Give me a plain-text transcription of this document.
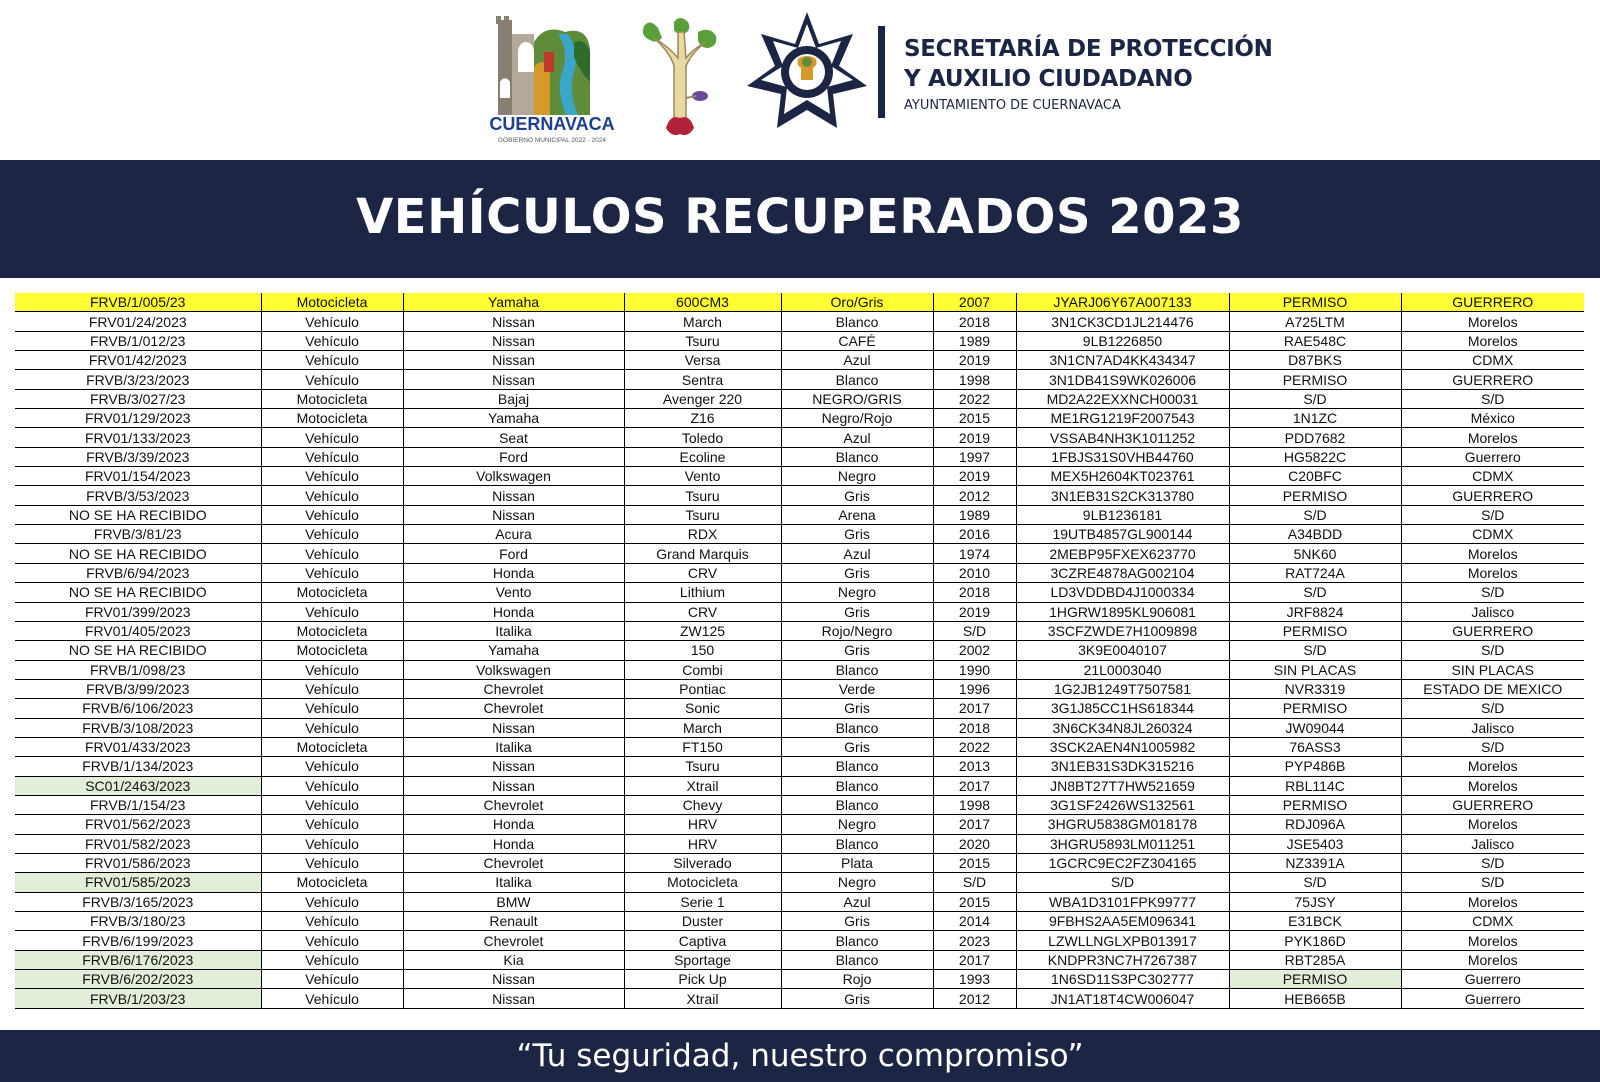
CUERNAVACA
GOBIERNO MUNICIPAL 2022 - 2024
SECRETARÍA DE PROTECCIÓN
Y AUXILIO CIUDADANO
AYUNTAMIENTO DE CUERNAVACA
VEHÍCULOS RECUPERADOS 2023
FRVB/1/005/23	Motocicleta	Yamaha	600CM3	Oro/Gris	2007	JYARJ06Y67A007133	PERMISO	GUERRERO
FRV01/24/2023	Vehículo	Nissan	March	Blanco	2018	3N1CK3CD1JL214476	A725LTM	Morelos
FRVB/1/012/23	Vehículo	Nissan	Tsuru	CAFÉ	1989	9LB1226850	RAE548C	Morelos
FRV01/42/2023	Vehículo	Nissan	Versa	Azul	2019	3N1CN7AD4KK434347	D87BKS	CDMX
FRVB/3/23/2023	Vehículo	Nissan	Sentra	Blanco	1998	3N1DB41S9WK026006	PERMISO	GUERRERO
FRVB/3/027/23	Motocicleta	Bajaj	Avenger 220	NEGRO/GRIS	2022	MD2A22EXXNCH00031	S/D	S/D
FRV01/129/2023	Motocicleta	Yamaha	Z16	Negro/Rojo	2015	ME1RG1219F2007543	1N1ZC	México
FRV01/133/2023	Vehículo	Seat	Toledo	Azul	2019	VSSAB4NH3K1011252	PDD7682	Morelos
FRVB/3/39/2023	Vehículo	Ford	Ecoline	Blanco	1997	1FBJS31S0VHB44760	HG5822C	Guerrero
FRV01/154/2023	Vehículo	Volkswagen	Vento	Negro	2019	MEX5H2604KT023761	C20BFC	CDMX
FRVB/3/53/2023	Vehículo	Nissan	Tsuru	Gris	2012	3N1EB31S2CK313780	PERMISO	GUERRERO
NO SE HA RECIBIDO	Vehículo	Nissan	Tsuru	Arena	1989	9LB1236181	S/D	S/D
FRVB/3/81/23	Vehículo	Acura	RDX	Gris	2016	19UTB4857GL900144	A34BDD	CDMX
NO SE HA RECIBIDO	Vehículo	Ford	Grand Marquis	Azul	1974	2MEBP95FXEX623770	5NK60	Morelos
FRVB/6/94/2023	Vehículo	Honda	CRV	Gris	2010	3CZRE4878AG002104	RAT724A	Morelos
NO SE HA RECIBIDO	Motocicleta	Vento	Lithium	Negro	2018	LD3VDDBD4J1000334	S/D	S/D
FRV01/399/2023	Vehículo	Honda	CRV	Gris	2019	1HGRW1895KL906081	JRF8824	Jalisco
FRV01/405/2023	Motocicleta	Italika	ZW125	Rojo/Negro	S/D	3SCFZWDE7H1009898	PERMISO	GUERRERO
NO SE HA RECIBIDO	Motocicleta	Yamaha	150	Gris	2002	3K9E0040107	S/D	S/D
FRVB/1/098/23	Vehículo	Volkswagen	Combi	Blanco	1990	21L0003040	SIN PLACAS	SIN PLACAS
FRVB/3/99/2023	Vehículo	Chevrolet	Pontiac	Verde	1996	1G2JB1249T7507581	NVR3319	ESTADO DE MEXICO
FRVB/6/106/2023	Vehículo	Chevrolet	Sonic	Gris	2017	3G1J85CC1HS618344	PERMISO	S/D
FRVB/3/108/2023	Vehículo	Nissan	March	Blanco	2018	3N6CK34N8JL260324	JW09044	Jalisco
FRV01/433/2023	Motocicleta	Italika	FT150	Gris	2022	3SCK2AEN4N1005982	76ASS3	S/D
FRVB/1/134/2023	Vehículo	Nissan	Tsuru	Blanco	2013	3N1EB31S3DK315216	PYP486B	Morelos
SC01/2463/2023	Vehículo	Nissan	Xtrail	Blanco	2017	JN8BT27T7HW521659	RBL114C	Morelos
FRVB/1/154/23	Vehículo	Chevrolet	Chevy	Blanco	1998	3G1SF2426WS132561	PERMISO	GUERRERO
FRV01/562/2023	Vehículo	Honda	HRV	Negro	2017	3HGRU5838GM018178	RDJ096A	Morelos
FRV01/582/2023	Vehículo	Honda	HRV	Blanco	2020	3HGRU5893LM011251	JSE5403	Jalisco
FRV01/586/2023	Vehículo	Chevrolet	Silverado	Plata	2015	1GCRC9EC2FZ304165	NZ3391A	S/D
FRV01/585/2023	Motocicleta	Italika	Motocicleta	Negro	S/D	S/D	S/D	S/D
FRVB/3/165/2023	Vehículo	BMW	Serie 1	Azul	2015	WBA1D3101FPK99777	75JSY	Morelos
FRVB/3/180/23	Vehículo	Renault	Duster	Gris	2014	9FBHS2AA5EM096341	E31BCK	CDMX
FRVB/6/199/2023	Vehículo	Chevrolet	Captiva	Blanco	2023	LZWLLNGLXPB013917	PYK186D	Morelos
FRVB/6/176/2023	Vehículo	Kia	Sportage	Blanco	2017	KNDPR3NC7H7267387	RBT285A	Morelos
FRVB/6/202/2023	Vehículo	Nissan	Pick Up	Rojo	1993	1N6SD11S3PC302777	PERMISO	Guerrero
FRVB/1/203/23	Vehículo	Nissan	Xtrail	Gris	2012	JN1AT18T4CW006047	HEB665B	Guerrero

“Tu seguridad, nuestro compromiso”
